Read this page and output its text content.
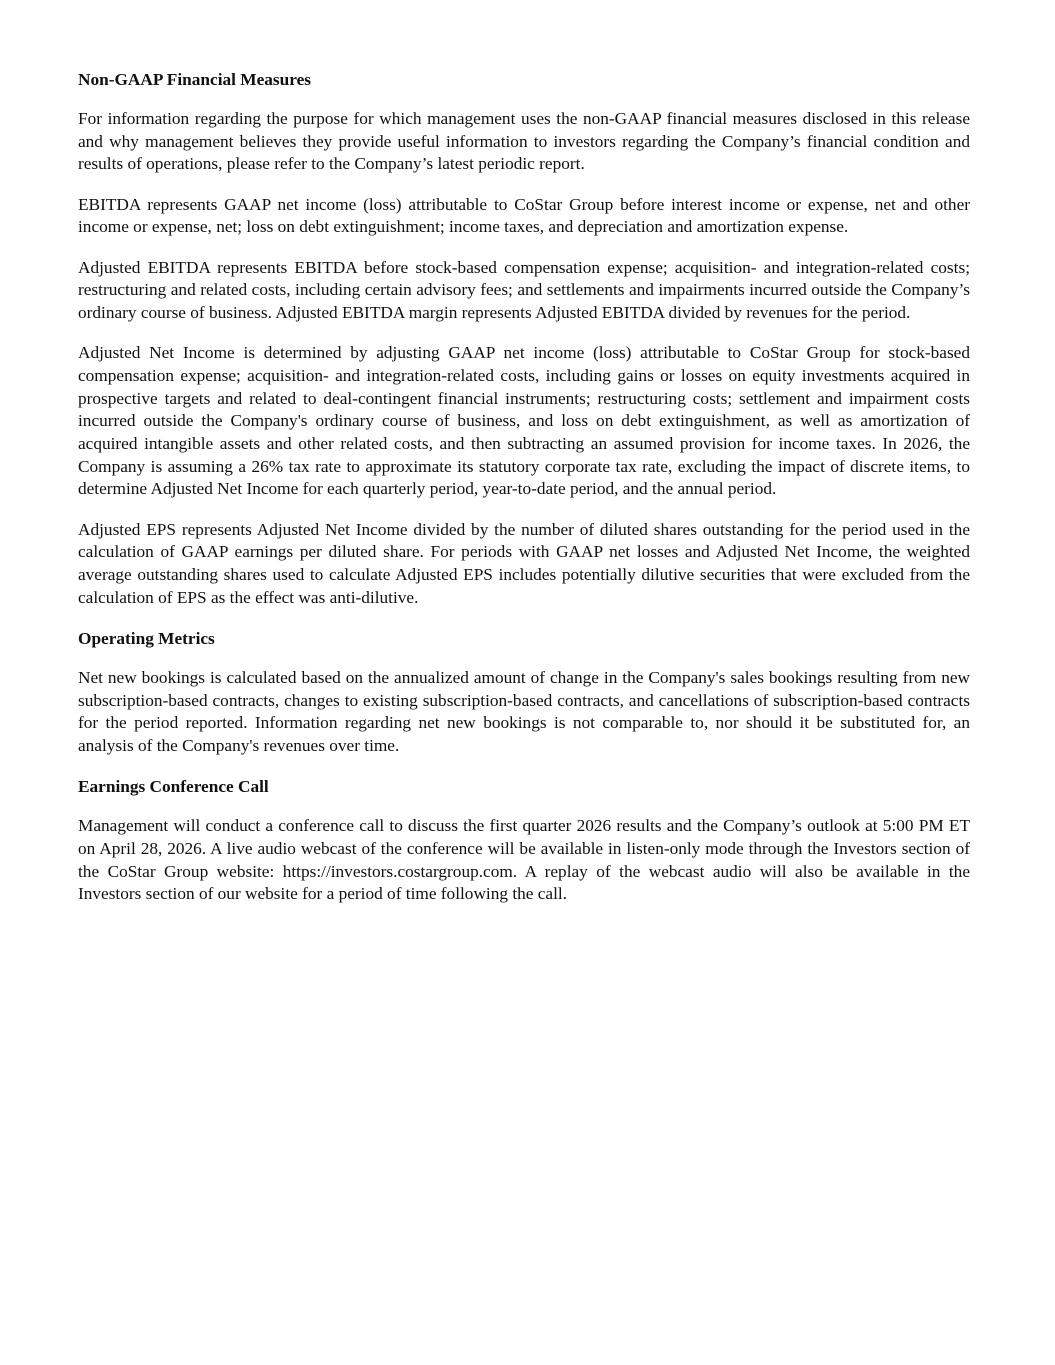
Non-GAAP Financial Measures

For information regarding the purpose for which management uses the non-GAAP financial measures disclosed in this release and why management believes they provide useful information to investors regarding the Company’s financial condition and results of operations, please refer to the Company’s latest periodic report.

EBITDA represents GAAP net income (loss) attributable to CoStar Group before interest income or expense, net and other income or expense, net; loss on debt extinguishment; income taxes, and depreciation and amortization expense.

Adjusted EBITDA represents EBITDA before stock-based compensation expense; acquisition- and integration-related costs; restructuring and related costs, including certain advisory fees; and settlements and impairments incurred outside the Company’s ordinary course of business. Adjusted EBITDA margin represents Adjusted EBITDA divided by revenues for the period.

Adjusted Net Income is determined by adjusting GAAP net income (loss) attributable to CoStar Group for stock-based compensation expense; acquisition- and integration-related costs, including gains or losses on equity investments acquired in prospective targets and related to deal-contingent financial instruments; restructuring costs; settlement and impairment costs incurred outside the Company's ordinary course of business, and loss on debt extinguishment, as well as amortization of acquired intangible assets and other related costs, and then subtracting an assumed provision for income taxes. In 2026, the Company is assuming a 26% tax rate to approximate its statutory corporate tax rate, excluding the impact of discrete items, to determine Adjusted Net Income for each quarterly period, year-to-date period, and the annual period.

Adjusted EPS represents Adjusted Net Income divided by the number of diluted shares outstanding for the period used in the calculation of GAAP earnings per diluted share. For periods with GAAP net losses and Adjusted Net Income, the weighted average outstanding shares used to calculate Adjusted EPS includes potentially dilutive securities that were excluded from the calculation of EPS as the effect was anti-dilutive.

Operating Metrics

Net new bookings is calculated based on the annualized amount of change in the Company's sales bookings resulting from new subscription-based contracts, changes to existing subscription-based contracts, and cancellations of subscription-based contracts for the period reported. Information regarding net new bookings is not comparable to, nor should it be substituted for, an analysis of the Company's revenues over time.

Earnings Conference Call

Management will conduct a conference call to discuss the first quarter 2026 results and the Company’s outlook at 5:00 PM ET on April 28, 2026. A live audio webcast of the conference will be available in listen-only mode through the Investors section of the CoStar Group website: https://investors.costargroup.com. A replay of the webcast audio will also be available in the Investors section of our website for a period of time following the call.
